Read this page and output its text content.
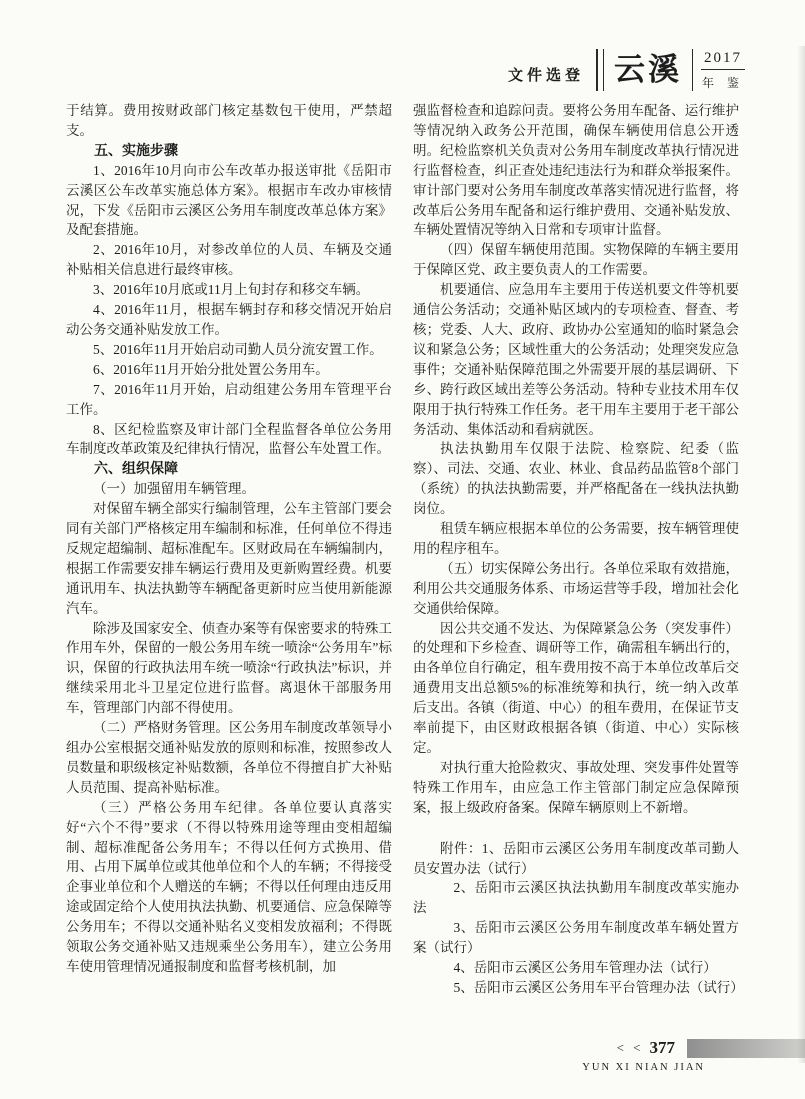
文件选登 云溪 2017
年 鉴

于结算。费用按财政部门核定基数包干使用，严禁超支。

五、实施步骤

1、2016年10月向市公车改革办报送审批《岳阳市云溪区公车改革实施总体方案》。根据市车改办审核情况，下发《岳阳市云溪区公务用车制度改革总体方案》及配套措施。

2、2016年10月，对参改单位的人员、车辆及交通补贴相关信息进行最终审核。

3、2016年10月底或11月上旬封存和移交车辆。

4、2016年11月，根据车辆封存和移交情况开始启动公务交通补贴发放工作。

5、2016年11月开始启动司勤人员分流安置工作。

6、2016年11月开始分批处置公务用车。

7、2016年11月开始，启动组建公务用车管理平台工作。

8、区纪检监察及审计部门全程监督各单位公务用车制度改革政策及纪律执行情况，监督公车处置工作。

六、组织保障

（一）加强留用车辆管理。

对保留车辆全部实行编制管理，公车主管部门要会同有关部门严格核定用车编制和标准，任何单位不得违反规定超编制、超标准配车。区财政局在车辆编制内，根据工作需要安排车辆运行费用及更新购置经费。机要通讯用车、执法执勤等车辆配备更新时应当使用新能源汽车。

除涉及国家安全、侦查办案等有保密要求的特殊工作用车外，保留的一般公务用车统一喷涂“公务用车”标识，保留的行政执法用车统一喷涂“行政执法”标识，并继续采用北斗卫星定位进行监督。离退休干部服务用车，管理部门内部不得使用。

（二）严格财务管理。区公务用车制度改革领导小组办公室根据交通补贴发放的原则和标准，按照参改人员数量和职级核定补贴数额，各单位不得擅自扩大补贴人员范围、提高补贴标准。

（三）严格公务用车纪律。各单位要认真落实好“六个不得”要求（不得以特殊用途等理由变相超编制、超标准配备公务用车；不得以任何方式换用、借用、占用下属单位或其他单位和个人的车辆；不得接受企事业单位和个人赠送的车辆；不得以任何理由违反用途或固定给个人使用执法执勤、机要通信、应急保障等公务用车；不得以交通补贴名义变相发放福利；不得既领取公务交通补贴又违规乘坐公务用车），建立公务用车使用管理情况通报制度和监督考核机制，加

强监督检查和追踪问责。要将公务用车配备、运行维护等情况纳入政务公开范围，确保车辆使用信息公开透明。纪检监察机关负责对公务用车制度改革执行情况进行监督检查，纠正查处违纪违法行为和群众举报案件。审计部门要对公务用车制度改革落实情况进行监督，将改革后公务用车配备和运行维护费用、交通补贴发放、车辆处置情况等纳入日常和专项审计监督。

（四）保留车辆使用范围。实物保障的车辆主要用于保障区党、政主要负责人的工作需要。

机要通信、应急用车主要用于传送机要文件等机要通信公务活动；交通补贴区域内的专项检查、督查、考核；党委、人大、政府、政协办公室通知的临时紧急会议和紧急公务；区域性重大的公务活动；处理突发应急事件；交通补贴保障范围之外需要开展的基层调研、下乡、跨行政区域出差等公务活动。特种专业技术用车仅限用于执行特殊工作任务。老干用车主要用于老干部公务活动、集体活动和看病就医。

执法执勤用车仅限于法院、检察院、纪委（监察）、司法、交通、农业、林业、食品药品监管8个部门（系统）的执法执勤需要，并严格配备在一线执法执勤岗位。

租赁车辆应根据本单位的公务需要，按车辆管理使用的程序租车。

（五）切实保障公务出行。各单位采取有效措施，利用公共交通服务体系、市场运营等手段，增加社会化交通供给保障。

因公共交通不发达、为保障紧急公务（突发事件）的处理和下乡检查、调研等工作，确需租车辆出行的，由各单位自行确定，租车费用按不高于本单位改革后交通费用支出总额5%的标准统筹和执行，统一纳入改革后支出。各镇（街道、中心）的租车费用，在保证节支率前提下，由区财政根据各镇（街道、中心）实际核定。

对执行重大抢险救灾、事故处理、突发事件处置等特殊工作用车，由应急工作主管部门制定应急保障预案，报上级政府备案。保障车辆原则上不新增。

附件：1、岳阳市云溪区公务用车制度改革司勤人员安置办法（试行）

2、岳阳市云溪区执法执勤用车制度改革实施办法

3、岳阳市云溪区公务用车制度改革车辆处置方案（试行）

4、岳阳市云溪区公务用车管理办法（试行）

5、岳阳市云溪区公务用车平台管理办法（试行）

< < 377
YUN XI NIAN JIAN
